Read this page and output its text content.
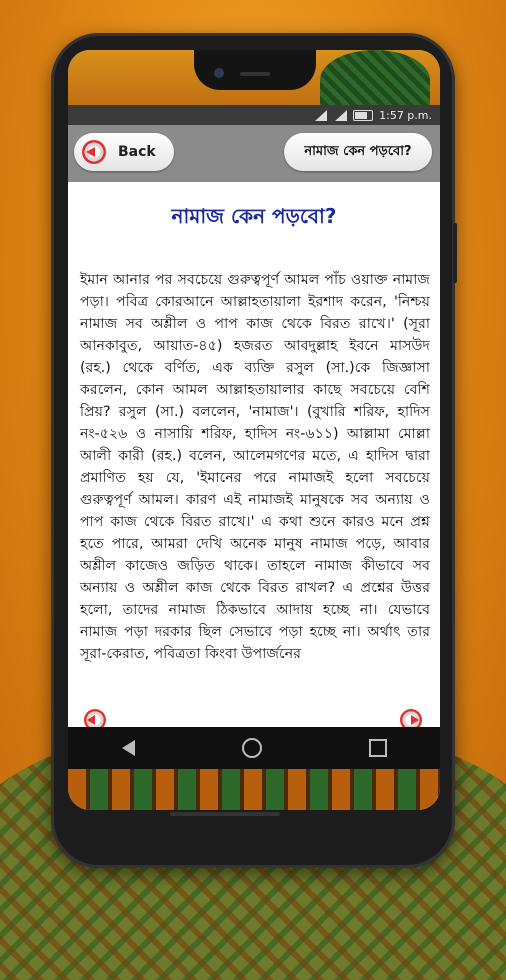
1:57 p.m.
Back	নামাজ কেন পড়বো?
নামাজ কেন পড়বো?
ইমান আনার পর সবচেয়ে গুরুত্বপূর্ণ আমল পাঁচ ওয়াক্ত নামাজ পড়া। পবিত্র কোরআনে আল্লাহতায়ালা ইরশাদ করেন, 'নিশ্চয় নামাজ সব অশ্লীল ও পাপ কাজ থেকে বিরত রাখে।' (সূরা আনকাবুত, আয়াত-৪৫) হজরত আবদুল্লাহ ইবনে মাসউদ (রহ.) থেকে বর্ণিত, এক ব্যক্তি রসুল (সা.)কে জিজ্ঞাসা করলেন, কোন আমল আল্লাহতায়ালার কাছে সবচেয়ে বেশি প্রিয়? রসুল (সা.) বললেন, 'নামাজ'। (বুখারি শরিফ, হাদিস নং-৫২৬ ও নাসায়ি শরিফ, হাদিস নং-৬১১) আল্লামা মোল্লা আলী কারী (রহ.) বলেন, আলেমগণের মতে, এ হাদিস দ্বারা প্রমাণিত হয় যে, 'ইমানের পরে নামাজই হলো সবচেয়ে গুরুত্বপূর্ণ আমল। কারণ এই নামাজই মানুষকে সব অন্যায় ও পাপ কাজ থেকে বিরত রাখে।' এ কথা শুনে কারও মনে প্রশ্ন হতে পারে, আমরা দেখি অনেক মানুষ নামাজ পড়ে, আবার অশ্লীল কাজেও জড়িত থাকে। তাহলে নামাজ কীভাবে সব অন্যায় ও অশ্লীল কাজ থেকে বিরত রাখল? এ প্রশ্নের উত্তর হলো, তাদের নামাজ ঠিকভাবে আদায় হচ্ছে না। যেভাবে নামাজ পড়া দরকার ছিল সেভাবে পড়া হচ্ছে না। অর্থাৎ তার সূরা-কেরাত, পবিত্রতা কিংবা উপার্জনের
